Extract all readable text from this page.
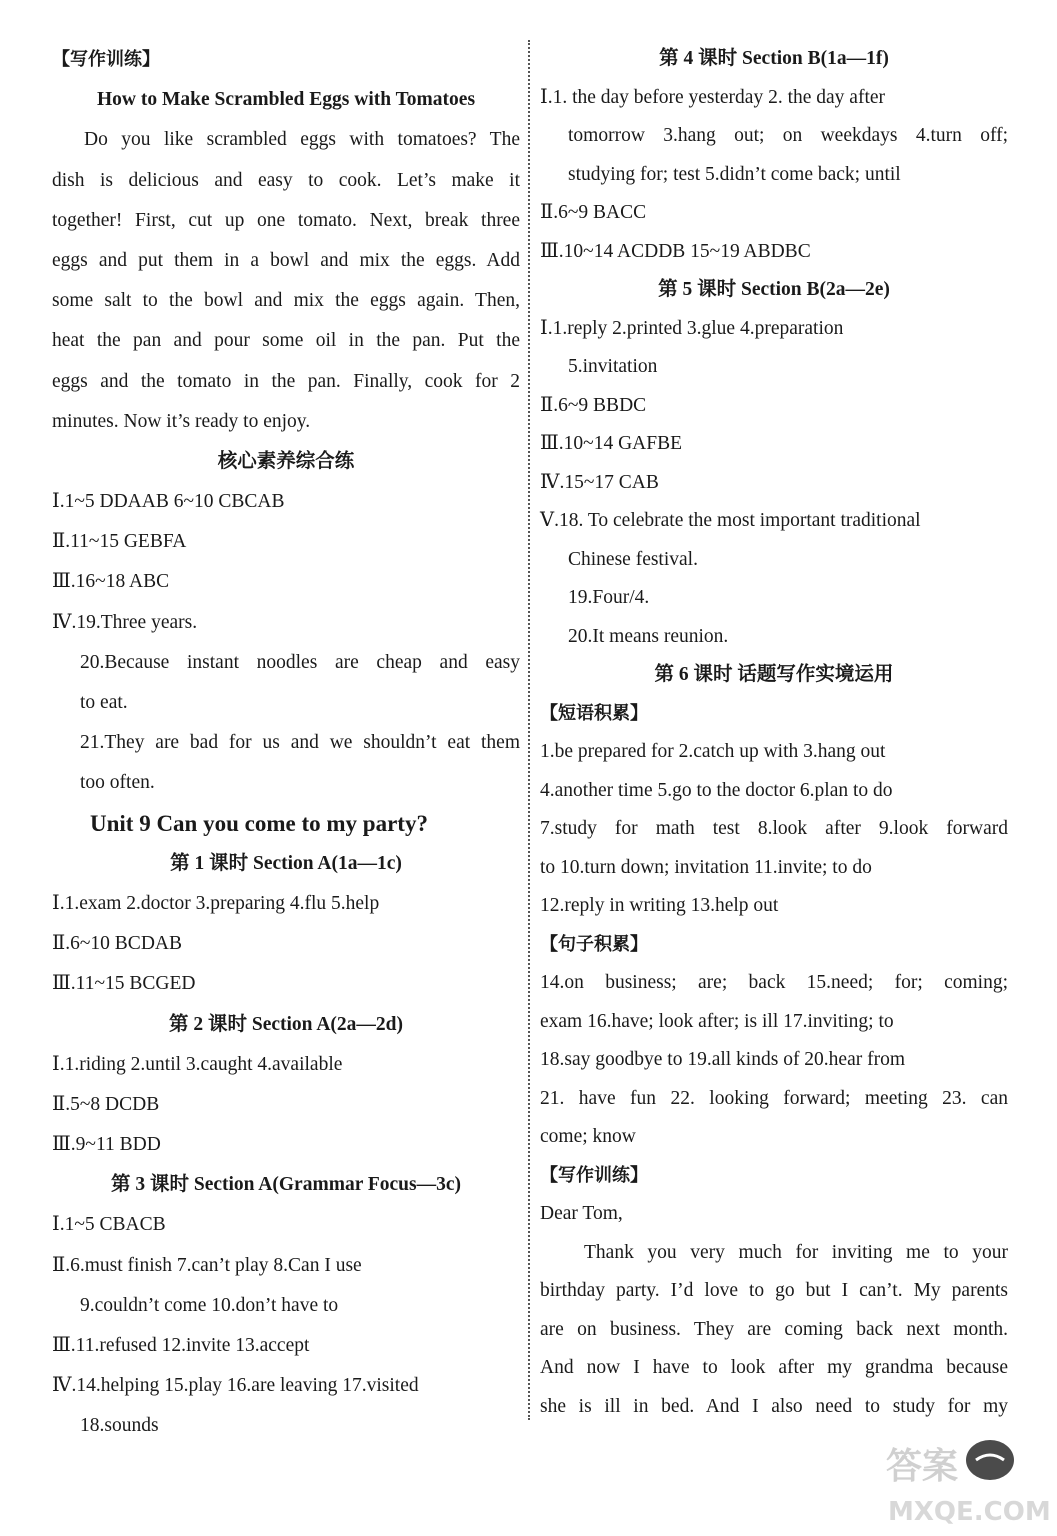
【写作训练】
How to Make Scrambled Eggs with Tomatoes
Do you like scrambled eggs with tomatoes? The
dish is delicious and easy to cook. Let’s make it
together! First, cut up one tomato. Next, break three
eggs and put them in a bowl and mix the eggs. Add
some salt to the bowl and mix the eggs again. Then,
heat the pan and pour some oil in the pan. Put the
eggs and the tomato in the pan. Finally, cook for 2
minutes. Now it’s ready to enjoy.
核心素养综合练
Ⅰ.1~5 DDAAB 6~10 CBCAB
Ⅱ.11~15 GEBFA
Ⅲ.16~18 ABC
Ⅳ.19.Three years.
20.Because instant noodles are cheap and easy
to eat.
21.They are bad for us and we shouldn’t eat them
too often.
Unit 9 Can you come to my party?
第 1 课时 Section A(1a—1c)
Ⅰ.1.exam 2.doctor 3.preparing 4.flu 5.help
Ⅱ.6~10 BCDAB
Ⅲ.11~15 BCGED
第 2 课时 Section A(2a—2d)
Ⅰ.1.riding 2.until 3.caught 4.available
Ⅱ.5~8 DCDB
Ⅲ.9~11 BDD
第 3 课时 Section A(Grammar Focus—3c)
Ⅰ.1~5 CBACB
Ⅱ.6.must finish 7.can’t play 8.Can I use
9.couldn’t come 10.don’t have to
Ⅲ.11.refused 12.invite 13.accept
Ⅳ.14.helping 15.play 16.are leaving 17.visited
18.sounds
第 4 课时 Section B(1a—1f)
Ⅰ.1. the day before yesterday 2. the day after
tomorrow 3.hang out; on weekdays 4.turn off;
studying for; test 5.didn’t come back; until
Ⅱ.6~9 BACC
Ⅲ.10~14 ACDDB 15~19 ABDBC
第 5 课时 Section B(2a—2e)
Ⅰ.1.reply 2.printed 3.glue 4.preparation
5.invitation
Ⅱ.6~9 BBDC
Ⅲ.10~14 GAFBE
Ⅳ.15~17 CAB
Ⅴ.18. To celebrate the most important traditional
Chinese festival.
19.Four/4.
20.It means reunion.
第 6 课时 话题写作实境运用
【短语积累】
1.be prepared for 2.catch up with 3.hang out
4.another time 5.go to the doctor 6.plan to do
7.study for math test 8.look after 9.look forward
to 10.turn down; invitation 11.invite; to do
12.reply in writing 13.help out
【句子积累】
14.on business; are; back 15.need; for; coming;
exam 16.have; look after; is ill 17.inviting; to
18.say goodbye to 19.all kinds of 20.hear from
21. have fun 22. looking forward; meeting 23. can
come; know
【写作训练】
Dear Tom,
Thank you very much for inviting me to your
birthday party. I’d love to go but I can’t. My parents
are on business. They are coming back next month.
And now I have to look after my grandma because
she is ill in bed. And I also need to study for my
答案
MXQE.COM
